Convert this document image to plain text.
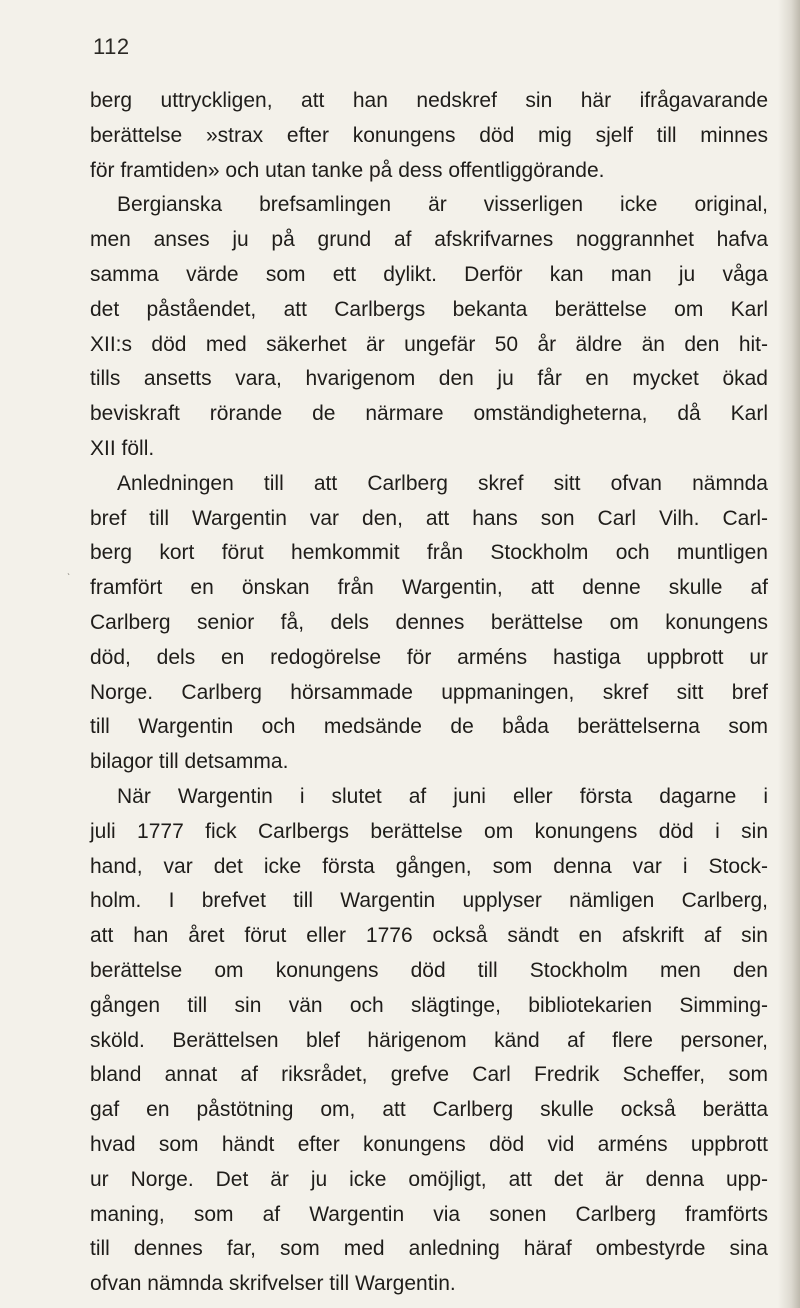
112
ˋ
berg uttryckligen, att han nedskref sin här ifrågavarande
berättelse »strax efter konungens död mig sjelf till minnes
för framtiden» och utan tanke på dess offentliggörande.
Bergianska brefsamlingen är visserligen icke original,
men anses ju på grund af afskrifvarnes noggrannhet hafva
samma värde som ett dylikt. Derför kan man ju våga
det påståendet, att Carlbergs bekanta berättelse om Karl
XII:s död med säkerhet är ungefär 50 år äldre än den hit-
tills ansetts vara, hvarigenom den ju får en mycket ökad
beviskraft rörande de närmare omständigheterna, då Karl
XII föll.
Anledningen till att Carlberg skref sitt ofvan nämnda
bref till Wargentin var den, att hans son Carl Vilh. Carl-
berg kort förut hemkommit från Stockholm och muntligen
framfört en önskan från Wargentin, att denne skulle af
Carlberg senior få, dels dennes berättelse om konungens
död, dels en redogörelse för arméns hastiga uppbrott ur
Norge. Carlberg hörsammade uppmaningen, skref sitt bref
till Wargentin och medsände de båda berättelserna som
bilagor till detsamma.
När Wargentin i slutet af juni eller första dagarne i
juli 1777 fick Carlbergs berättelse om konungens död i sin
hand, var det icke första gången, som denna var i Stock-
holm. I brefvet till Wargentin upplyser nämligen Carlberg,
att han året förut eller 1776 också sändt en afskrift af sin
berättelse om konungens död till Stockholm men den
gången till sin vän och slägtinge, bibliotekarien Simming-
sköld. Berättelsen blef härigenom känd af flere personer,
bland annat af riksrådet, grefve Carl Fredrik Scheffer, som
gaf en påstötning om, att Carlberg skulle också berätta
hvad som händt efter konungens död vid arméns uppbrott
ur Norge. Det är ju icke omöjligt, att det är denna upp-
maning, som af Wargentin via sonen Carlberg framförts
till dennes far, som med anledning häraf ombestyrde sina
ofvan nämnda skrifvelser till Wargentin.
